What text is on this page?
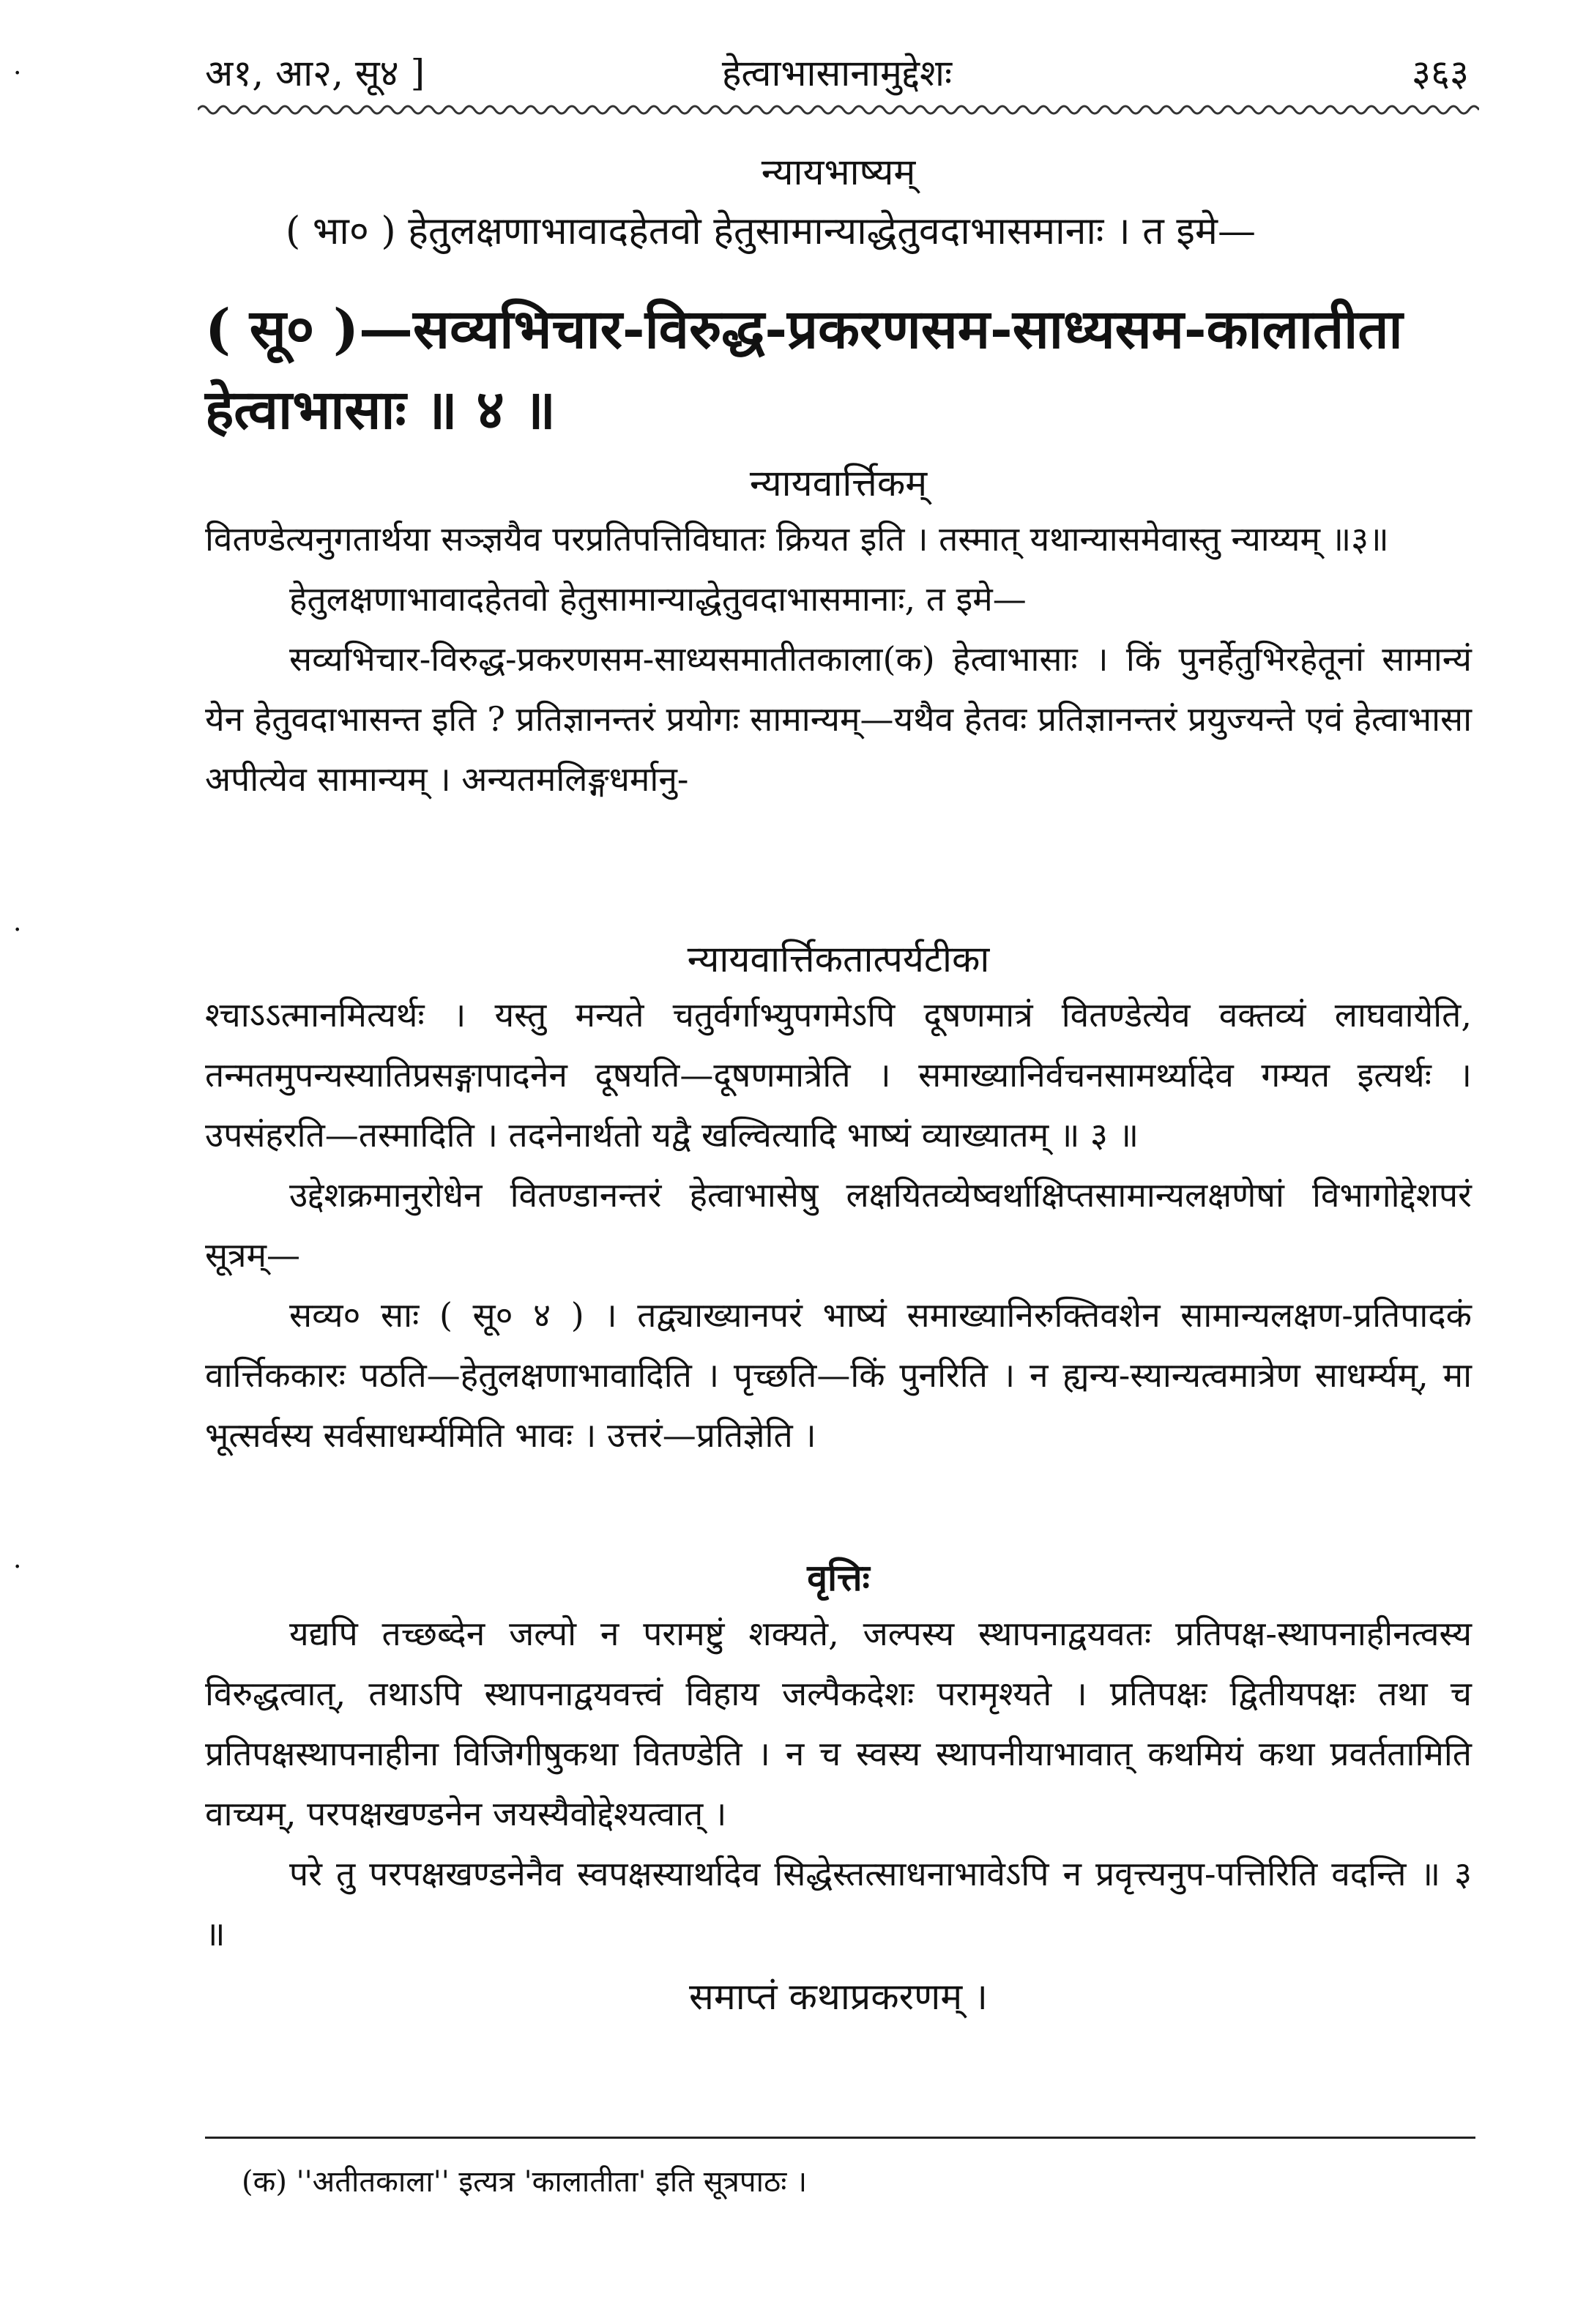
·
·
·
अ१, आ२, सू४ ]	हेत्वाभासानामुद्देशः	३६३
न्यायभाष्यम्
( भा० ) हेतुलक्षणाभावादहेतवो हेतुसामान्याद्धेतुवदाभासमानाः । त इमे—
( सू० )—सव्यभिचार-विरुद्ध-प्रकरणसम-साध्यसम-कालातीता हेत्वाभासाः ॥ ४ ॥
न्यायवार्त्तिकम्
वितण्डेत्यनुगतार्थया सञ्ज्ञयैव परप्रतिपत्तिविघातः क्रियत इति । तस्मात् यथान्यासमेवास्तु न्याय्यम् ॥३॥
हेतुलक्षणाभावादहेतवो हेतुसामान्याद्धेतुवदाभासमानाः, त इमे—
सव्यभिचार-विरुद्ध-प्रकरणसम-साध्यसमातीतकाला(क) हेत्वाभासाः । किं पुनर्हेतुभिरहेतूनां सामान्यं येन हेतुवदाभासन्त इति ? प्रतिज्ञानन्तरं प्रयोगः सामान्यम्—यथैव हेतवः प्रतिज्ञानन्तरं प्रयुज्यन्ते एवं हेत्वाभासा अपीत्येव सामान्यम् । अन्यतमलिङ्गधर्मानु-
न्यायवार्त्तिकतात्पर्यटीका
श्चाऽऽत्मानमित्यर्थः । यस्तु मन्यते चतुर्वर्गाभ्युपगमेऽपि दूषणमात्रं वितण्डेत्येव वक्तव्यं लाघवायेति, तन्मतमुपन्यस्यातिप्रसङ्गापादनेन दूषयति—दूषणमात्रेति । समाख्यानिर्वचनसामर्थ्यादेव गम्यत इत्यर्थः । उपसंहरति—तस्मादिति । तदनेनार्थतो यद्वै खल्वित्यादि भाष्यं व्याख्यातम् ॥ ३ ॥
उद्देशक्रमानुरोधेन वितण्डानन्तरं हेत्वाभासेषु लक्षयितव्येष्वर्थाक्षिप्तसामान्यलक्षणेषां विभागोद्देशपरं सूत्रम्—
सव्य० साः ( सू० ४ ) । तद्व्याख्यानपरं भाष्यं समाख्यानिरुक्तिवशेन सामान्यलक्षण-प्रतिपादकं वार्त्तिककारः पठति—हेतुलक्षणाभावादिति । पृच्छति—किं पुनरिति । न ह्यन्य-स्यान्यत्वमात्रेण साधर्म्यम्, मा भूत्सर्वस्य सर्वसाधर्म्यमिति भावः । उत्तरं—प्रतिज्ञेति ।
वृत्तिः
यद्यपि तच्छब्देन जल्पो न परामष्टुं शक्यते, जल्पस्य स्थापनाद्वयवतः प्रतिपक्ष-स्थापनाहीनत्वस्य विरुद्धत्वात्, तथाऽपि स्थापनाद्वयवत्त्वं विहाय जल्पैकदेशः परामृश्यते । प्रतिपक्षः द्वितीयपक्षः तथा च प्रतिपक्षस्थापनाहीना विजिगीषुकथा वितण्डेति । न च स्वस्य स्थापनीयाभावात् कथमियं कथा प्रवर्ततामिति वाच्यम्, परपक्षखण्डनेन जयस्यैवोद्देश्यत्वात् ।
परे तु परपक्षखण्डनेनैव स्वपक्षस्यार्थादेव सिद्धेस्तत्साधनाभावेऽपि न प्रवृत्त्यनुप-पत्तिरिति वदन्ति ॥ ३ ॥
समाप्तं कथाप्रकरणम् ।
(क) ''अतीतकाला'' इत्यत्र 'कालातीता' इति सूत्रपाठः ।
